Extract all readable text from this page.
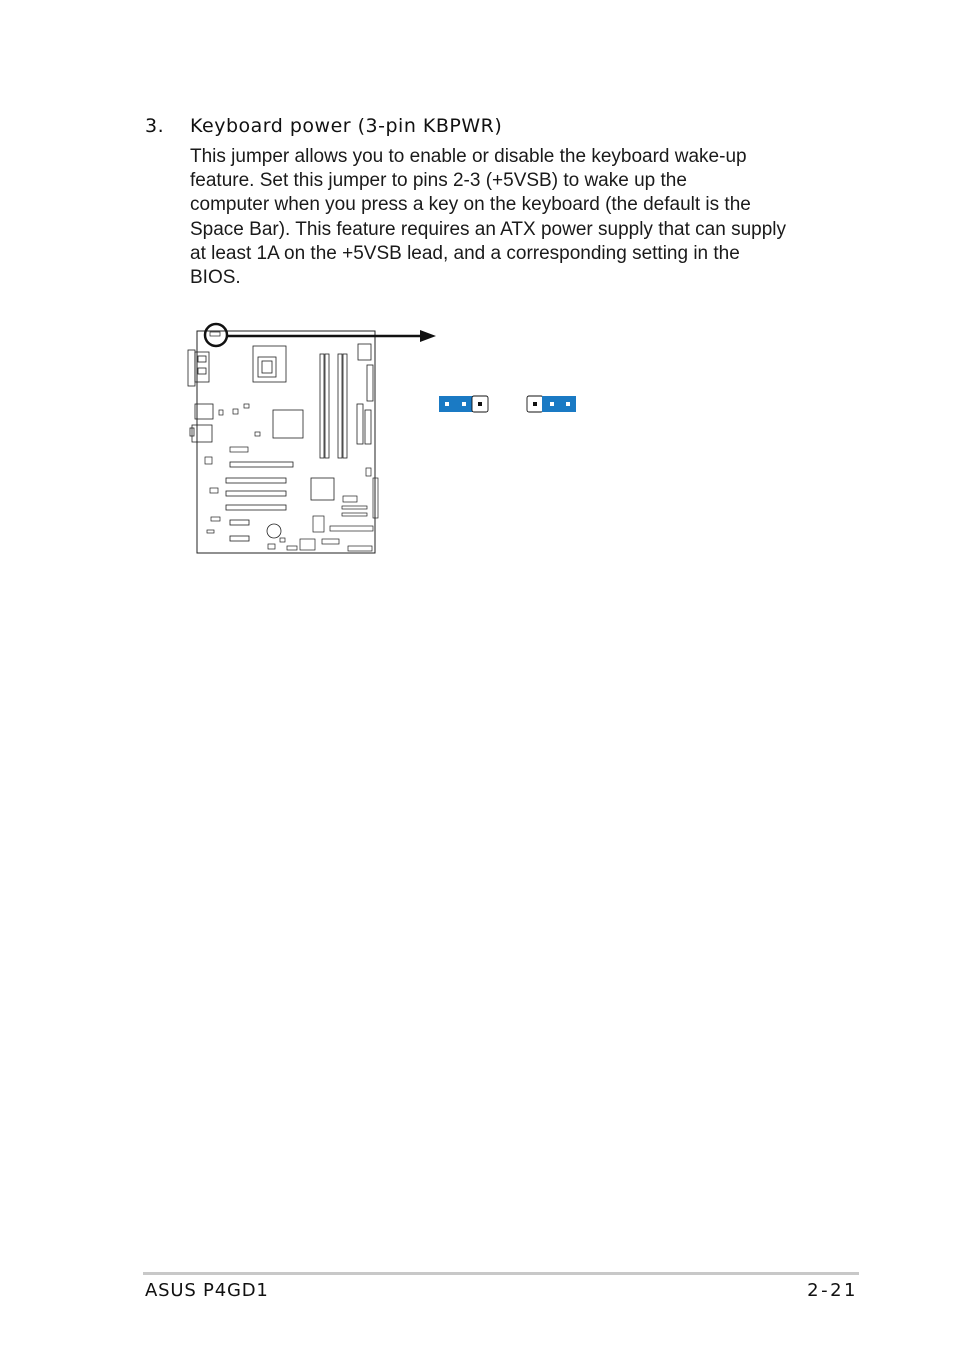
3. Keyboard power (3-pin KBPWR)
This jumper allows you to enable or disable the keyboard wake-up
feature. Set this jumper to pins 2-3 (+5VSB) to wake up the
computer when you press a key on the keyboard (the default is the
Space Bar). This feature requires an ATX power supply that can supply
at least 1A on the +5VSB lead, and a corresponding setting in the
BIOS.
ASUS P4GD1	2-21
